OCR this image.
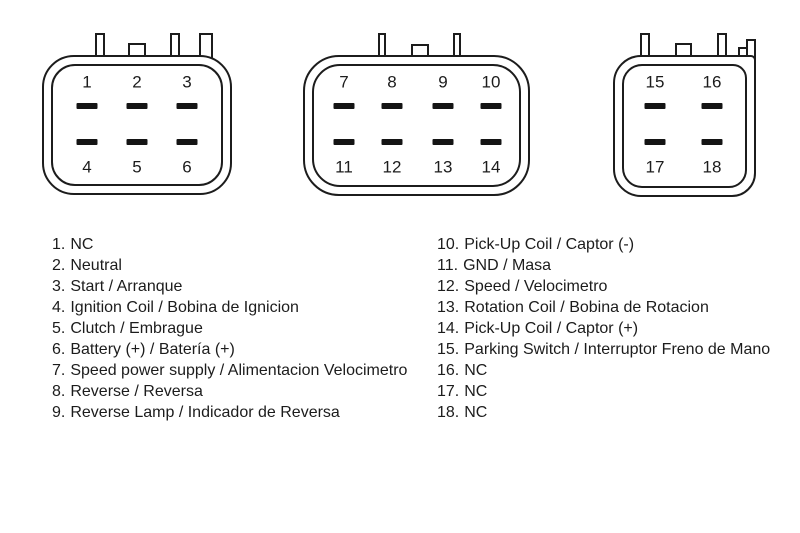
1 2 3
4 5 6
7 8 9 10
11 12 13 14
15 16
17 18
1. NC
2. Neutral
3. Start / Arranque
4. Ignition Coil / Bobina de Ignicion
5. Clutch / Embrague
6. Battery (+) / Batería (+)
7. Speed power supply / Alimentacion Velocimetro
8. Reverse / Reversa
9. Reverse Lamp / Indicador de Reversa
10. Pick-Up Coil / Captor (-)
11. GND / Masa
12. Speed / Velocimetro
13. Rotation Coil / Bobina de Rotacion
14. Pick-Up Coil / Captor (+)
15. Parking Switch / Interruptor Freno de Mano
16. NC
17. NC
18. NC
